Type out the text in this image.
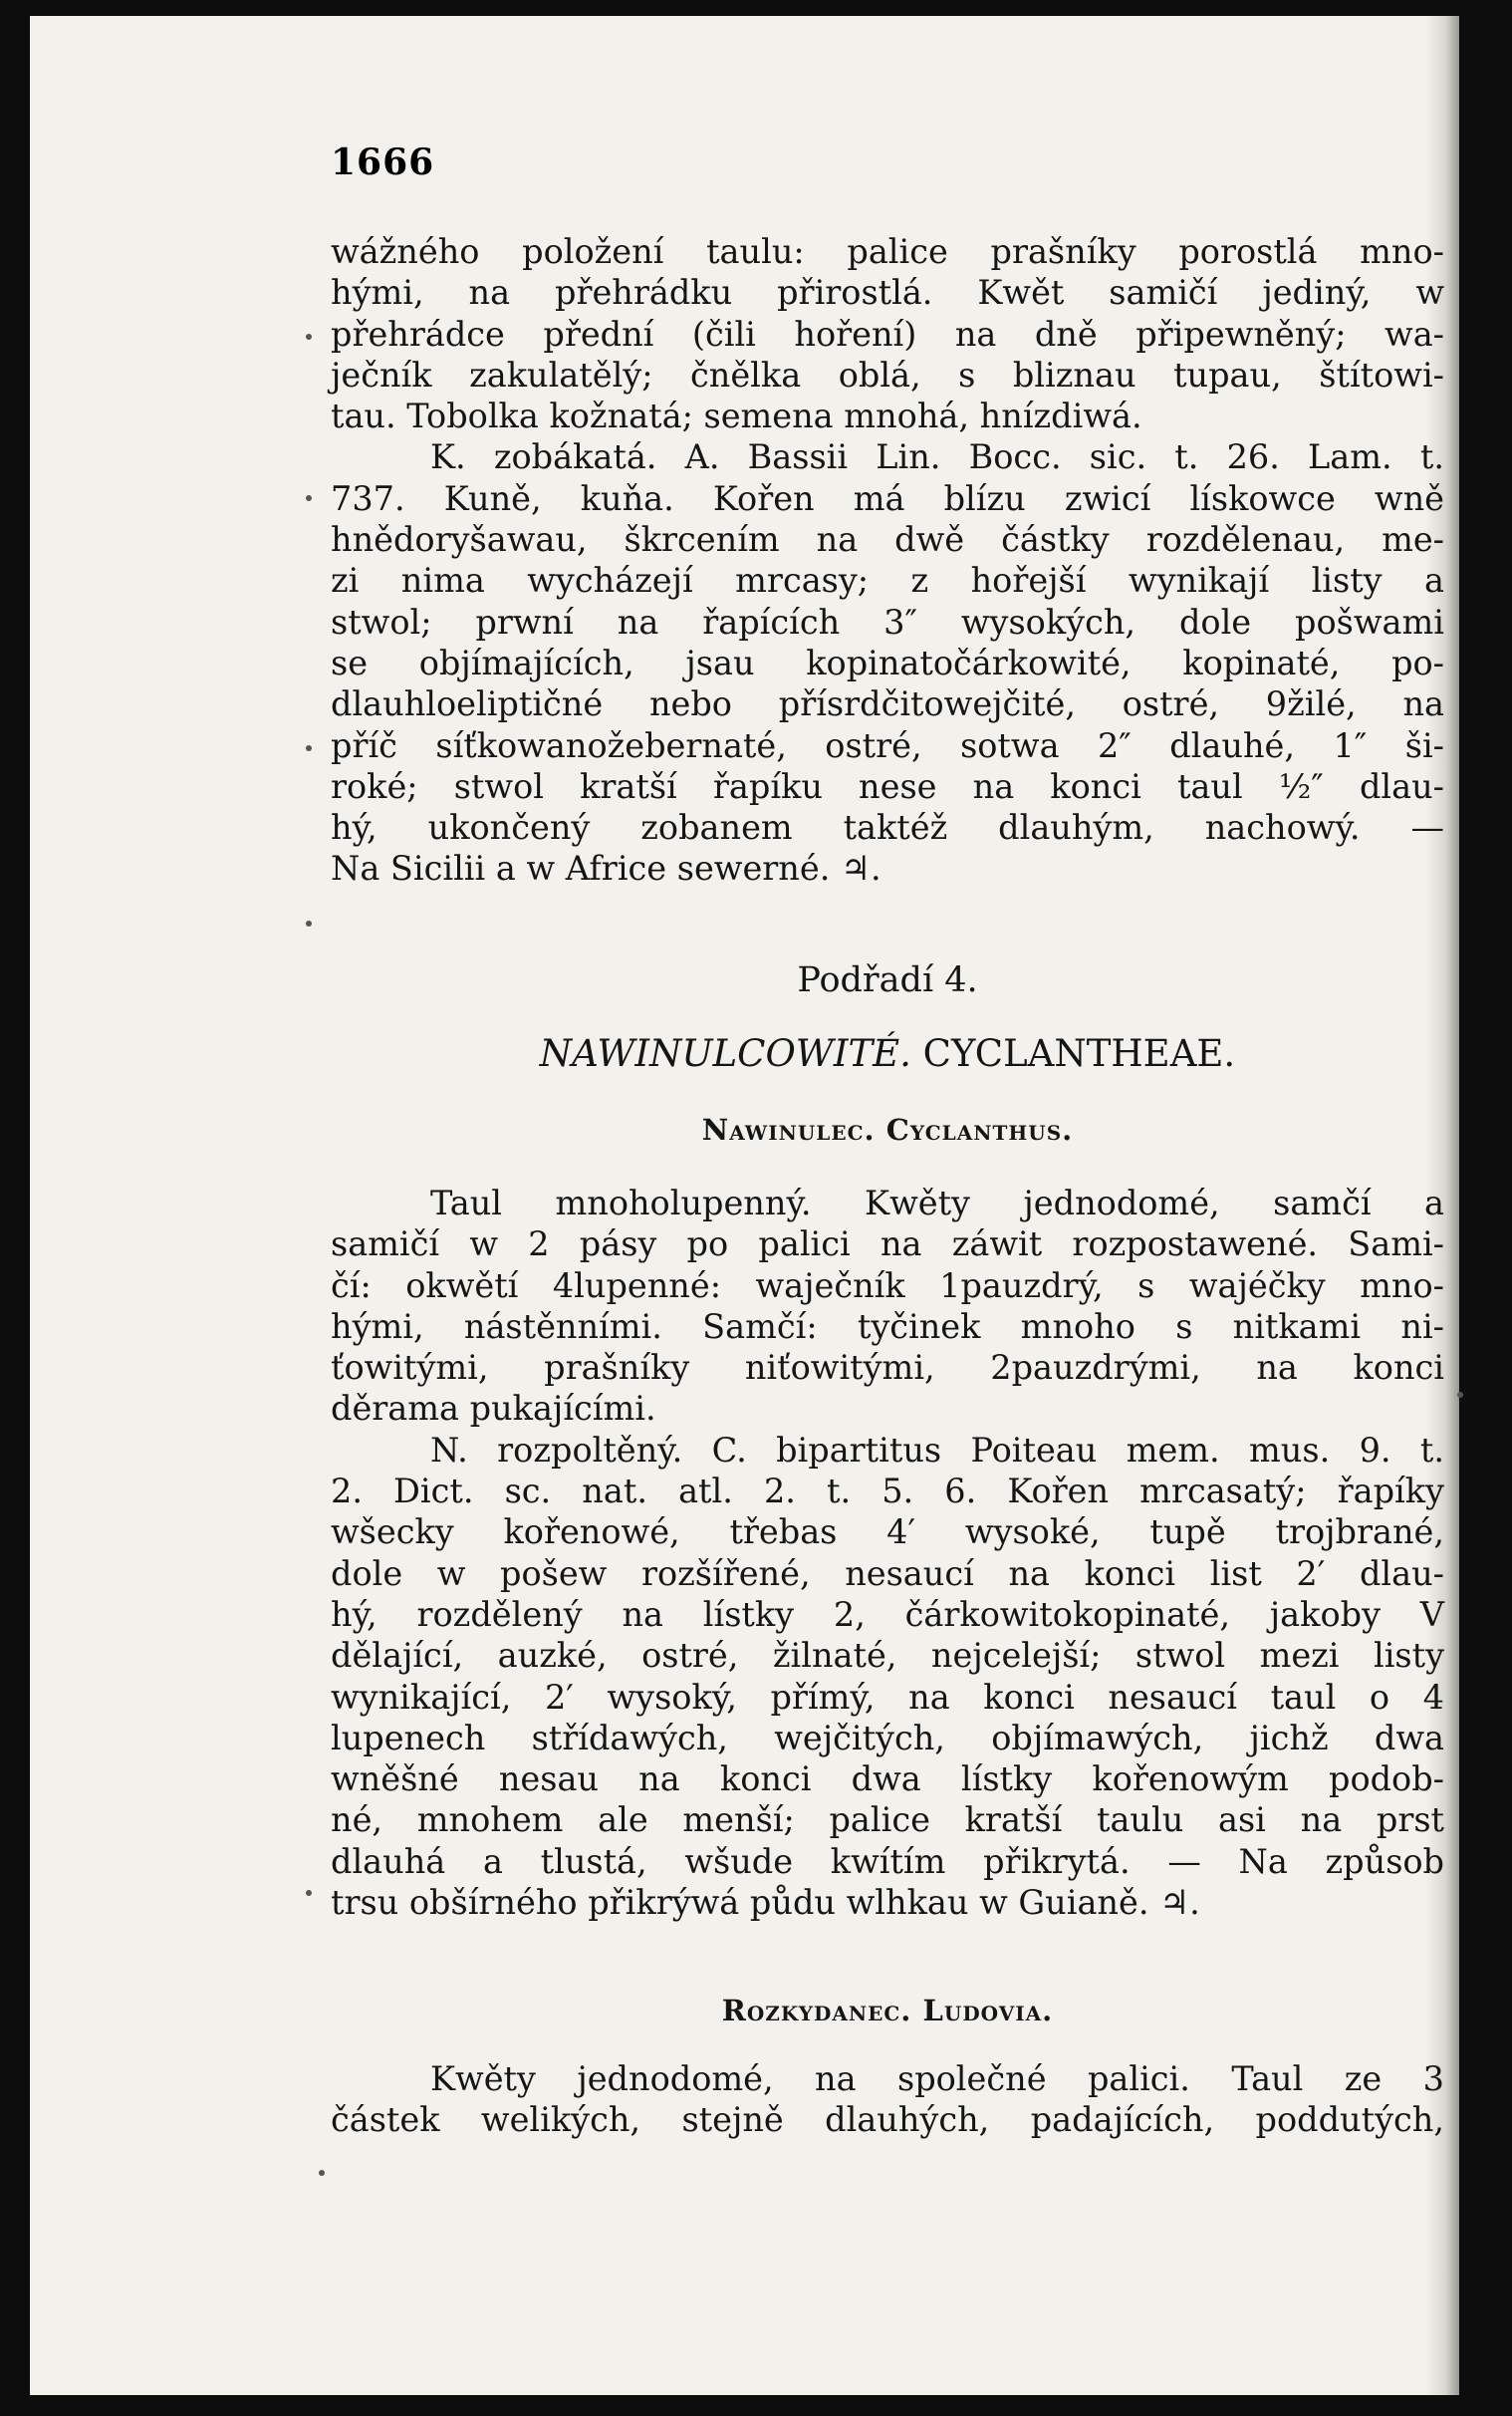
1666
wážného položení taulu: palice prašníky porostlá mno-
hými, na přehrádku přirostlá. Kwět samičí jediný, w
přehrádce přední (čili hoření) na dně připewněný; wa-
ječník zakulatělý; čnělka oblá, s bliznau tupau, štítowi-
tau. Tobolka kožnatá; semena mnohá, hnízdiwá.
K. zobákatá. A. Bassii Lin. Bocc. sic. t. 26. Lam. t.
737. Kuně, kuňa. Kořen má blízu zwicí lískowce wně
hnědoryšawau, škrcením na dwě částky rozdělenau, me-
zi nima wycházejí mrcasy; z hořejší wynikají listy a
stwol; prwní na řapících 3″ wysokých, dole pošwami
se objímajících, jsau kopinatočárkowité, kopinaté, po-
dlauhloeliptičné nebo přísrdčitowejčité, ostré, 9žilé, na
příč síťkowanožebernaté, ostré, sotwa 2″ dlauhé, 1″ ši-
roké; stwol kratší řapíku nese na konci taul ½″ dlau-
hý, ukončený zobanem taktéž dlauhým, nachowý. —
Na Sicilii a w Africe sewerné. ♃.
Podřadí 4.
NAWINULCOWITÉ. CYCLANTHEAE.
Nawinulec. Cyclanthus.
Taul mnoholupenný. Kwěty jednodomé, samčí a
samičí w 2 pásy po palici na záwit rozpostawené. Sami-
čí: okwětí 4lupenné: waječník 1pauzdrý, s wajéčky mno-
hými, nástěnními. Samčí: tyčinek mnoho s nitkami ni-
ťowitými, prašníky niťowitými, 2pauzdrými, na konci
děrama pukajícími.
N. rozpoltěný. C. bipartitus Poiteau mem. mus. 9. t.
2. Dict. sc. nat. atl. 2. t. 5. 6. Kořen mrcasatý; řapíky
wšecky kořenowé, třebas 4′ wysoké, tupě trojbrané,
dole w pošew rozšířené, nesaucí na konci list 2′ dlau-
hý, rozdělený na lístky 2, čárkowitokopinaté, jakoby V
dělající, auzké, ostré, žilnaté, nejcelejší; stwol mezi listy
wynikající, 2′ wysoký, přímý, na konci nesaucí taul o 4
lupenech střídawých, wejčitých, objímawých, jichž dwa
wněšné nesau na konci dwa lístky kořenowým podob-
né, mnohem ale menší; palice kratší taulu asi na prst
dlauhá a tlustá, wšude kwítím přikrytá. — Na způsob
trsu obšírného přikrýwá půdu wlhkau w Guianě. ♃.
Rozkydanec. Ludovia.
Kwěty jednodomé, na společné palici. Taul ze 3
částek welikých, stejně dlauhých, padajících, poddutých,
